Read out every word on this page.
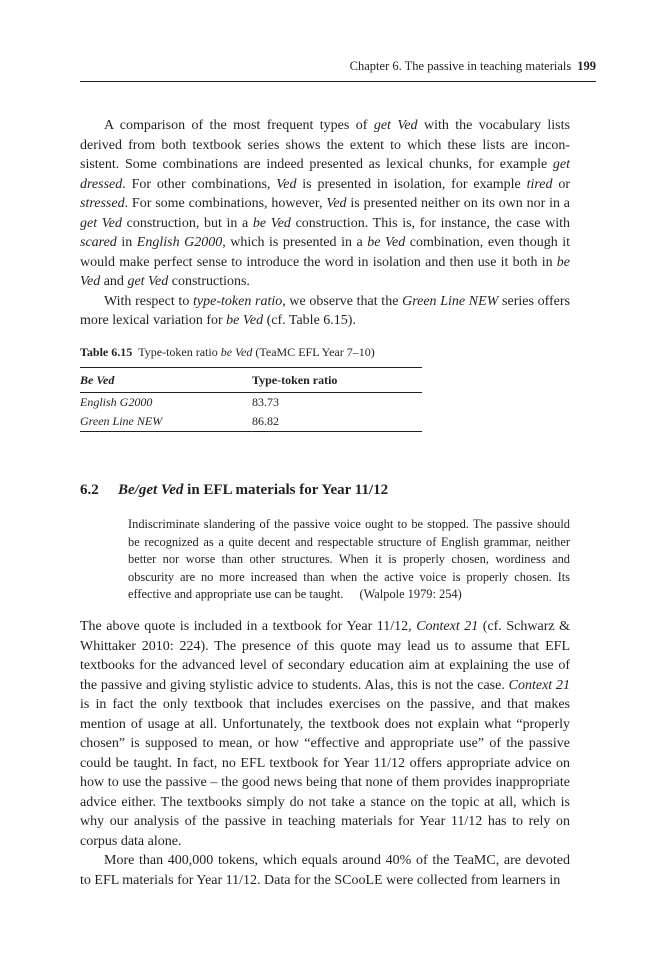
Chapter 6. The passive in teaching materials 199

A comparison of the most frequent types of get Ved with the vocabulary lists derived from both textbook series shows the extent to which these lists are inconsistent. Some combinations are indeed presented as lexical chunks, for example get dressed. For other combinations, Ved is presented in isolation, for example tired or stressed. For some combinations, however, Ved is presented neither on its own nor in a get Ved construction, but in a be Ved construction. This is, for instance, the case with scared in English G2000, which is presented in a be Ved combination, even though it would make perfect sense to introduce the word in isolation and then use it both in be Ved and get Ved constructions.

With respect to type-token ratio, we observe that the Green Line NEW series offers more lexical variation for be Ved (cf. Table 6.15).

Table 6.15 Type-token ratio be Ved (TeaMC EFL Year 7–10)
Be Ved	Type-token ratio
English G2000	83.73
Green Line NEW	86.82
6.2 Be/get Ved in EFL materials for Year 11/12

Indiscriminate slandering of the passive voice ought to be stopped. The passive should be recognized as a quite decent and respectable structure of English grammar, neither better nor worse than other structures. When it is properly chosen, wordiness and obscurity are no more increased than when the active voice is properly chosen. Its effective and appropriate use can be taught. (Walpole 1979: 254)

The above quote is included in a textbook for Year 11/12, Context 21 (cf. Schwarz & Whittaker 2010: 224). The presence of this quote may lead us to assume that EFL textbooks for the advanced level of secondary education aim at explaining the use of the passive and giving stylistic advice to students. Alas, this is not the case. Context 21 is in fact the only textbook that includes exercises on the passive, and that makes mention of usage at all. Unfortunately, the textbook does not explain what “properly chosen” is supposed to mean, or how “effective and appropriate use” of the passive could be taught. In fact, no EFL textbook for Year 11/12 offers appropriate advice on how to use the passive – the good news being that none of them provides inappropriate advice either. The textbooks simply do not take a stance on the topic at all, which is why our analysis of the passive in teaching materials for Year 11/12 has to rely on corpus data alone.

More than 400,000 tokens, which equals around 40% of the TeaMC, are devoted to EFL materials for Year 11/12. Data for the SCooLE were collected from learners in
